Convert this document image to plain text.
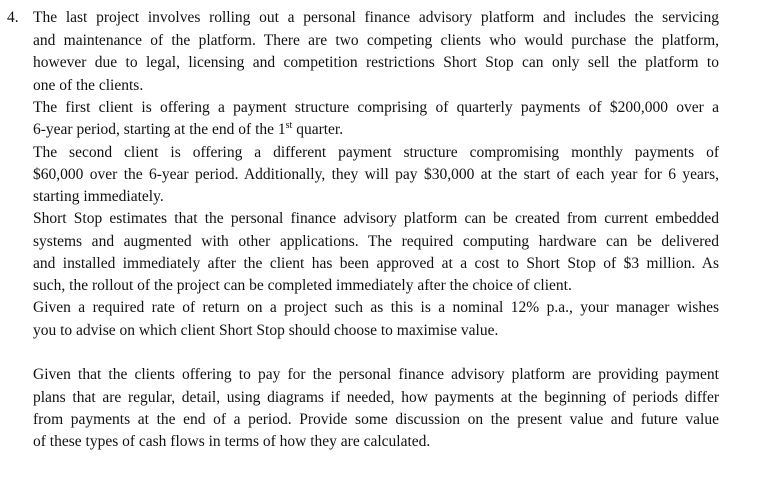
4. The last project involves rolling out a personal finance advisory platform and includes the servicing
and maintenance of the platform. There are two competing clients who would purchase the platform,
however due to legal, licensing and competition restrictions Short Stop can only sell the platform to
one of the clients.
The first client is offering a payment structure comprising of quarterly payments of $200,000 over a
6-year period, starting at the end of the 1st quarter.
The second client is offering a different payment structure compromising monthly payments of
$60,000 over the 6-year period. Additionally, they will pay $30,000 at the start of each year for 6 years,
starting immediately.
Short Stop estimates that the personal finance advisory platform can be created from current embedded
systems and augmented with other applications. The required computing hardware can be delivered
and installed immediately after the client has been approved at a cost to Short Stop of $3 million. As
such, the rollout of the project can be completed immediately after the choice of client.
Given a required rate of return on a project such as this is a nominal 12% p.a., your manager wishes
you to advise on which client Short Stop should choose to maximise value.
Given that the clients offering to pay for the personal finance advisory platform are providing payment
plans that are regular, detail, using diagrams if needed, how payments at the beginning of periods differ
from payments at the end of a period. Provide some discussion on the present value and future value
of these types of cash flows in terms of how they are calculated.
